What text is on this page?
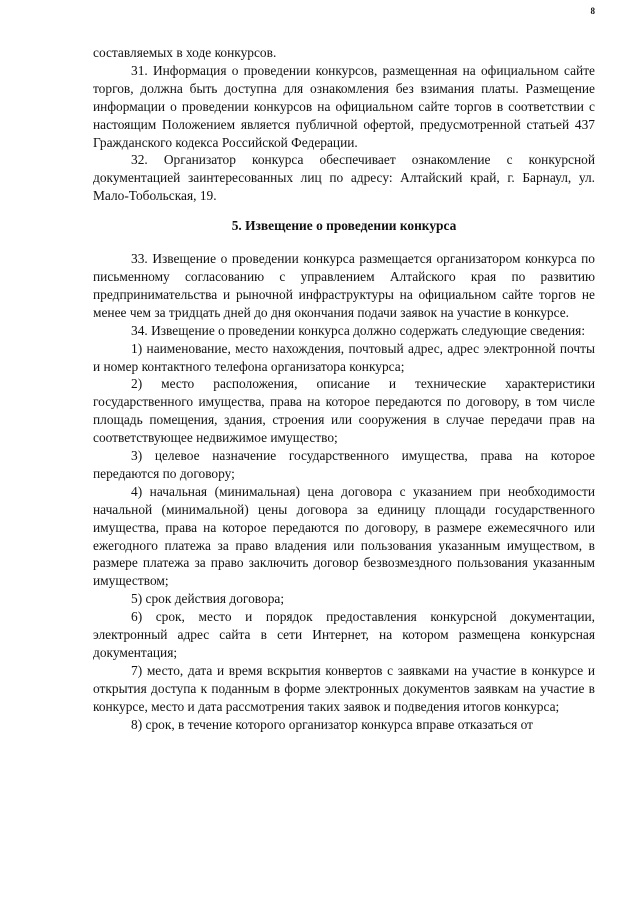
8

составляемых в ходе конкурсов.

31. Информация о проведении конкурсов, размещенная на официальном сайте торгов, должна быть доступна для ознакомления без взимания платы. Размещение информации о проведении конкурсов на официальном сайте торгов в соответствии с настоящим Положением является публичной офертой, предусмотренной статьей 437 Гражданского кодекса Российской Федерации.

32. Организатор конкурса обеспечивает ознакомление с конкурсной документацией заинтересованных лиц по адресу: Алтайский край, г. Барнаул, ул. Мало-Тобольская, 19.

5. Извещение о проведении конкурса

33. Извещение о проведении конкурса размещается организатором конкурса по письменному согласованию с управлением Алтайского края по развитию предпринимательства и рыночной инфраструктуры на официальном сайте торгов не менее чем за тридцать дней до дня окончания подачи заявок на участие в конкурсе.

34. Извещение о проведении конкурса должно содержать следующие сведения:

1) наименование, место нахождения, почтовый адрес, адрес электронной почты и номер контактного телефона организатора конкурса;

2) место расположения, описание и технические характеристики государственного имущества, права на которое передаются по договору, в том числе площадь помещения, здания, строения или сооружения в случае передачи прав на соответствующее недвижимое имущество;

3) целевое назначение государственного имущества, права на которое передаются по договору;

4) начальная (минимальная) цена договора с указанием при необходимости начальной (минимальной) цены договора за единицу площади государственного имущества, права на которое передаются по договору, в размере ежемесячного или ежегодного платежа за право владения или пользования указанным имуществом, в размере платежа за право заключить договор безвозмездного пользования указанным имуществом;

5) срок действия договора;

6) срок, место и порядок предоставления конкурсной документации, электронный адрес сайта в сети Интернет, на котором размещена конкурсная документация;

7) место, дата и время вскрытия конвертов с заявками на участие в конкурсе и открытия доступа к поданным в форме электронных документов заявкам на участие в конкурсе, место и дата рассмотрения таких заявок и подведения итогов конкурса;

8) срок, в течение которого организатор конкурса вправе отказаться от
